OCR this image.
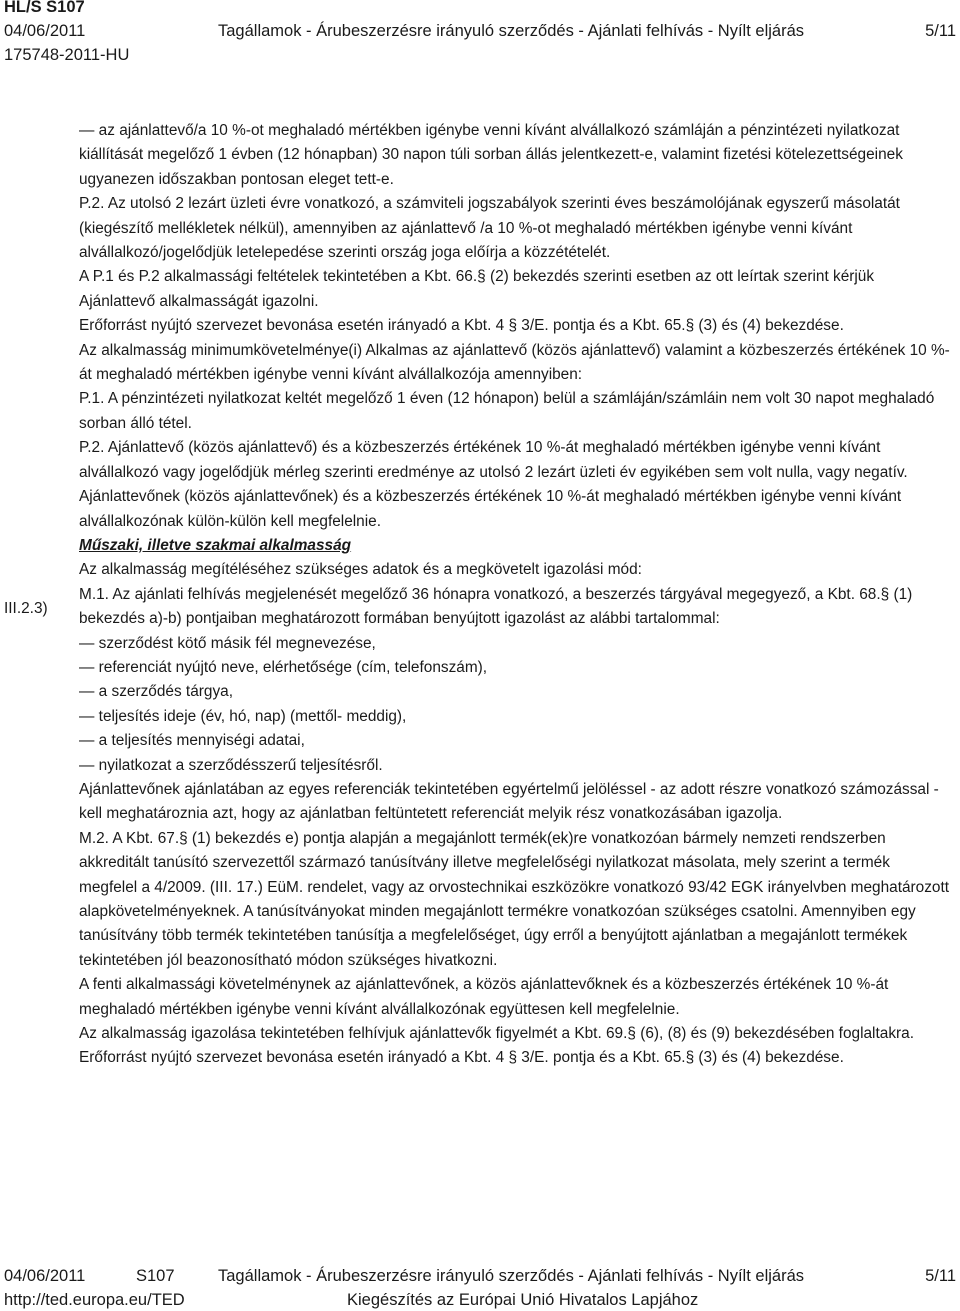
HL/S S107
04/06/2011	Tagállamok - Árubeszerzésre irányuló szerződés - Ajánlati felhívás - Nyílt eljárás	5/11
175748-2011-HU
III.2.3)

— az ajánlattevő/a 10 %-ot meghaladó mértékben igénybe venni kívánt alvállalkozó számláján a pénzintézeti nyilatkozat kiállítását megelőző 1 évben (12 hónapban) 30 napon túli sorban állás jelentkezett-e, valamint fizetési kötelezettségeinek ugyanezen időszakban pontosan eleget tett-e.

P.2. Az utolsó 2 lezárt üzleti évre vonatkozó, a számviteli jogszabályok szerinti éves beszámolójának egyszerű másolatát (kiegészítő mellékletek nélkül), amennyiben az ajánlattevő /a 10 %-ot meghaladó mértékben igénybe venni kívánt alvállalkozó/jogelődjük letelepedése szerinti ország joga előírja a közzétételét.

A P.1 és P.2 alkalmassági feltételek tekintetében a Kbt. 66.§ (2) bekezdés szerinti esetben az ott leírtak szerint kérjük Ajánlattevő alkalmasságát igazolni.

Erőforrást nyújtó szervezet bevonása esetén irányadó a Kbt. 4 § 3/E. pontja és a Kbt. 65.§ (3) és (4) bekezdése.

Az alkalmasság minimumkövetelménye(i) Alkalmas az ajánlattevő (közös ajánlattevő) valamint a közbeszerzés értékének 10 %-át meghaladó mértékben igénybe venni kívánt alvállalkozója amennyiben:

P.1. A pénzintézeti nyilatkozat keltét megelőző 1 éven (12 hónapon) belül a számláján/számláin nem volt 30 napot meghaladó sorban álló tétel.

P.2. Ajánlattevő (közös ajánlattevő) és a közbeszerzés értékének 10 %-át meghaladó mértékben igénybe venni kívánt alvállalkozó vagy jogelődjük mérleg szerinti eredménye az utolsó 2 lezárt üzleti év egyikében sem volt nulla, vagy negatív.

Ajánlattevőnek (közös ajánlattevőnek) és a közbeszerzés értékének 10 %-át meghaladó mértékben igénybe venni kívánt alvállalkozónak külön-külön kell megfelelnie.

Műszaki, illetve szakmai alkalmasság

Az alkalmasság megítéléséhez szükséges adatok és a megkövetelt igazolási mód:

M.1. Az ajánlati felhívás megjelenését megelőző 36 hónapra vonatkozó, a beszerzés tárgyával megegyező, a Kbt. 68.§ (1) bekezdés a)-b) pontjaiban meghatározott formában benyújtott igazolást az alábbi tartalommal:

— szerződést kötő másik fél megnevezése,

— referenciát nyújtó neve, elérhetősége (cím, telefonszám),

— a szerződés tárgya,

— teljesítés ideje (év, hó, nap) (mettől- meddig),

— a teljesítés mennyiségi adatai,

— nyilatkozat a szerződésszerű teljesítésről.

Ajánlattevőnek ajánlatában az egyes referenciák tekintetében egyértelmű jelöléssel - az adott részre vonatkozó számozással - kell meghatároznia azt, hogy az ajánlatban feltüntetett referenciát melyik rész vonatkozásában igazolja.

M.2. A Kbt. 67.§ (1) bekezdés e) pontja alapján a megajánlott termék(ek)re vonatkozóan bármely nemzeti rendszerben akkreditált tanúsító szervezettől származó tanúsítvány illetve megfelelőségi nyilatkozat másolata, mely szerint a termék megfelel a 4/2009. (III. 17.) EüM. rendelet, vagy az orvostechnikai eszközökre vonatkozó 93/42 EGK irányelvben meghatározott alapkövetelményeknek. A tanúsítványokat minden megajánlott termékre vonatkozóan szükséges csatolni. Amennyiben egy tanúsítvány több termék tekintetében tanúsítja a megfelelőséget, úgy erről a benyújtott ajánlatban a megajánlott termékek tekintetében jól beazonosítható módon szükséges hivatkozni.

A fenti alkalmassági követelménynek az ajánlattevőnek, a közös ajánlattevőknek és a közbeszerzés értékének 10 %-át meghaladó mértékben igénybe venni kívánt alvállalkozónak együttesen kell megfelelnie.

Az alkalmasság igazolása tekintetében felhívjuk ajánlattevők figyelmét a Kbt. 69.§ (6), (8) és (9) bekezdésében foglaltakra.

Erőforrást nyújtó szervezet bevonása esetén irányadó a Kbt. 4 § 3/E. pontja és a Kbt. 65.§ (3) és (4) bekezdése.

04/06/2011	S107	Tagállamok - Árubeszerzésre irányuló szerződés - Ajánlati felhívás - Nyílt eljárás	5/11
http://ted.europa.eu/TED	Kiegészítés az Európai Unió Hivatalos Lapjához
